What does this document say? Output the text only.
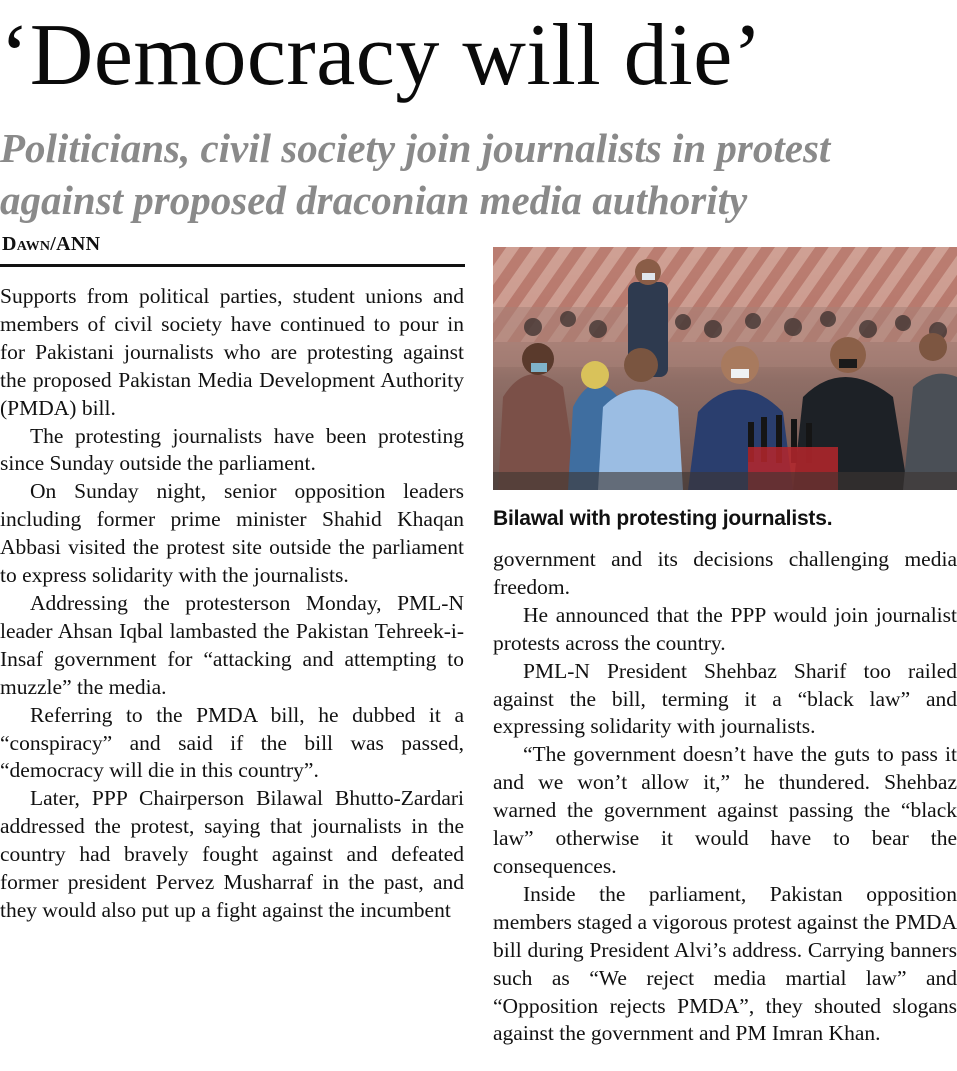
‘Democracy will die’
Politicians, civil society join journalists in protest
against proposed draconian media authority
Dawn/ANN

Supports from political parties, student unions and members of civil society have continued to pour in for Pakistani journalists who are protesting against the proposed Pakistan Media Development Authority (PMDA) bill.

The protesting journalists have been protesting since Sunday outside the parliament.

On Sunday night, senior opposition leaders including former prime minister Shahid Khaqan Abbasi visited the protest site outside the parliament to express solidarity with the journalists.

Addressing the protesterson Monday, PML-N leader Ahsan Iqbal lambasted the Pakistan Tehreek-i-Insaf government for “attacking and attempting to muzzle” the media.

Referring to the PMDA bill, he dubbed it a “conspiracy” and said if the bill was passed, “democracy will die in this country”.

Later, PPP Chairperson Bilawal Bhutto-Zardari addressed the protest, saying that journalists in the country had bravely fought against and defeated former president Pervez Musharraf in the past, and they would also put up a fight against the incumbent

Bilawal with protesting journalists.

government and its decisions challenging media freedom.

He announced that the PPP would join journalist protests across the country.

PML-N President Shehbaz Sharif too railed against the bill, terming it a “black law” and expressing solidarity with journalists.

“The government doesn’t have the guts to pass it and we won’t allow it,” he thundered. Shehbaz warned the government against passing the “black law” otherwise it would have to bear the consequences.

Inside the parliament, Pakistan opposition members staged a vigorous protest against the PMDA bill during President Alvi’s address. Carrying banners such as “We reject media martial law” and “Opposition rejects PMDA”, they shouted slogans against the government and PM Imran Khan.
